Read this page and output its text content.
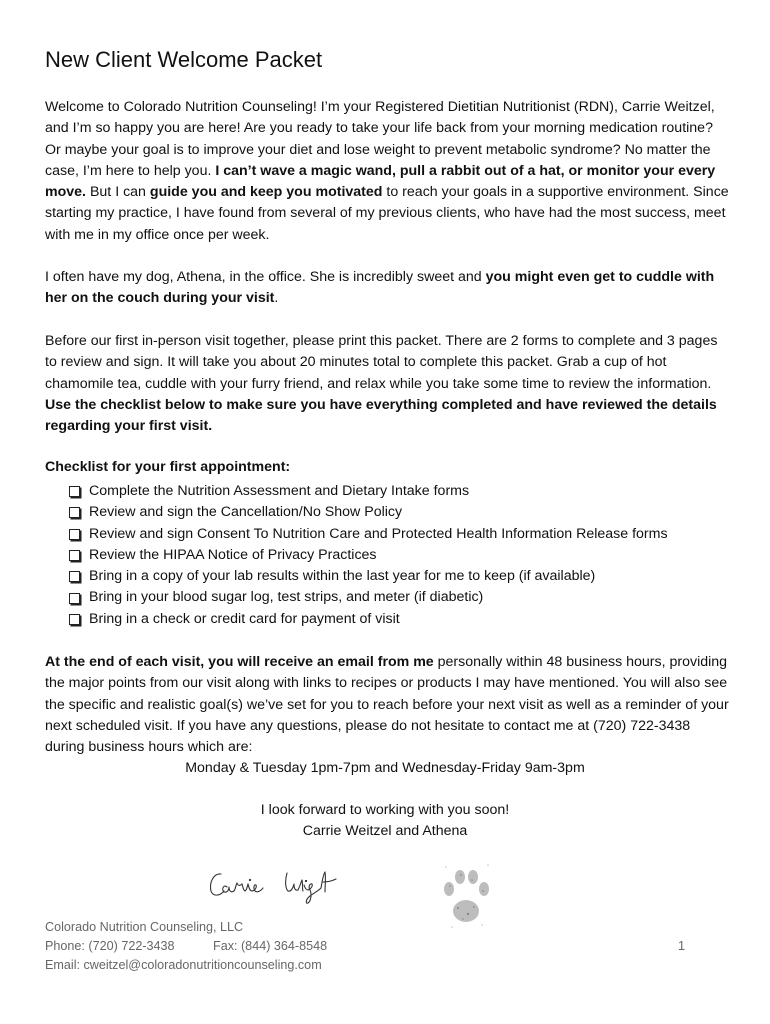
New Client Welcome Packet

Welcome to Colorado Nutrition Counseling! I’m your Registered Dietitian Nutritionist (RDN), Carrie Weitzel, and I’m so happy you are here! Are you ready to take your life back from your morning medication routine? Or maybe your goal is to improve your diet and lose weight to prevent metabolic syndrome? No matter the case, I’m here to help you. I can’t wave a magic wand, pull a rabbit out of a hat, or monitor your every move. But I can guide you and keep you motivated to reach your goals in a supportive environment. Since starting my practice, I have found from several of my previous clients, who have had the most success, meet with me in my office once per week.

I often have my dog, Athena, in the office. She is incredibly sweet and you might even get to cuddle with her on the couch during your visit.

Before our first in-person visit together, please print this packet. There are 2 forms to complete and 3 pages to review and sign. It will take you about 20 minutes total to complete this packet. Grab a cup of hot chamomile tea, cuddle with your furry friend, and relax while you take some time to review the information. Use the checklist below to make sure you have everything completed and have reviewed the details regarding your first visit.

Checklist for your first appointment:

Complete the Nutrition Assessment and Dietary Intake forms
Review and sign the Cancellation/No Show Policy
Review and sign Consent To Nutrition Care and Protected Health Information Release forms
Review the HIPAA Notice of Privacy Practices
Bring in a copy of your lab results within the last year for me to keep (if available)
Bring in your blood sugar log, test strips, and meter (if diabetic)
Bring in a check or credit card for payment of visit

At the end of each visit, you will receive an email from me personally within 48 business hours, providing the major points from our visit along with links to recipes or products I may have mentioned. You will also see the specific and realistic goal(s) we’ve set for you to reach before your next visit as well as a reminder of your next scheduled visit. If you have any questions, please do not hesitate to contact me at (720) 722-3438 during business hours which are:

Monday & Tuesday 1pm-7pm and Wednesday-Friday 9am-3pm

I look forward to working with you soon!

Carrie Weitzel and Athena

Colorado Nutrition Counseling, LLC

Phone: (720) 722-3438	Fax: (844) 364-8548	1

Email: cweitzel@coloradonutritioncounseling.com
